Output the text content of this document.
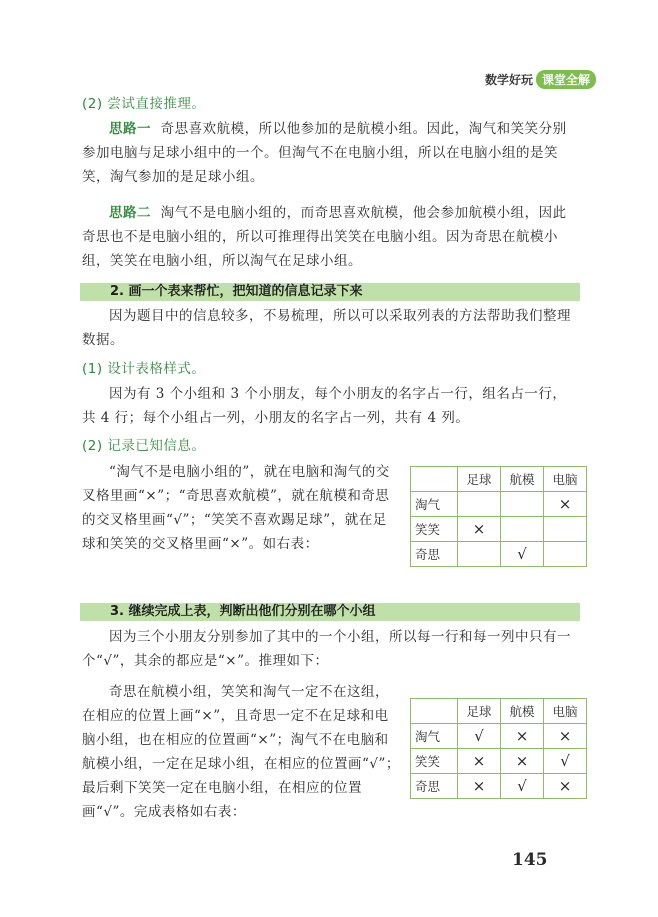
数学好玩 课堂全解
(2) 尝试直接推理。
思路一 奇思喜欢航模，所以他参加的是航模小组。因此，淘气和笑笑分别参加电脑与足球小组中的一个。但淘气不在电脑小组，所以在电脑小组的是笑笑，淘气参加的是足球小组。
思路二 淘气不是电脑小组的，而奇思喜欢航模，他会参加航模小组，因此奇思也不是电脑小组的，所以可推理得出笑笑在电脑小组。因为奇思在航模小组，笑笑在电脑小组，所以淘气在足球小组。
2. 画一个表来帮忙，把知道的信息记录下来
因为题目中的信息较多，不易梳理，所以可以采取列表的方法帮助我们整理数据。
(1) 设计表格样式。
因为有 3 个小组和 3 个小朋友，每个小朋友的名字占一行，组名占一行，共 4 行；每个小组占一列，小朋友的名字占一列，共有 4 列。
(2) 记录已知信息。
“淘气不是电脑小组的”，就在电脑和淘气的交叉格里画“×”；“奇思喜欢航模”，就在航模和奇思的交叉格里画“√”；“笑笑不喜欢踢足球”，就在足球和笑笑的交叉格里画“×”。如右表：
	足球	航模	电脑
淘气			×
笑笑	×		
奇思		√	
3. 继续完成上表，判断出他们分别在哪个小组
因为三个小朋友分别参加了其中的一个小组，所以每一行和每一列中只有一个“√”，其余的都应是“×”。推理如下：
奇思在航模小组，笑笑和淘气一定不在这组，在相应的位置上画“×”，且奇思一定不在足球和电脑小组，也在相应的位置画“×”；淘气不在电脑和航模小组，一定在足球小组，在相应的位置画“√”；最后剩下笑笑一定在电脑小组，在相应的位置画“√”。完成表格如右表：
	足球	航模	电脑
淘气	√	×	×
笑笑	×	×	√
奇思	×	√	×
145
